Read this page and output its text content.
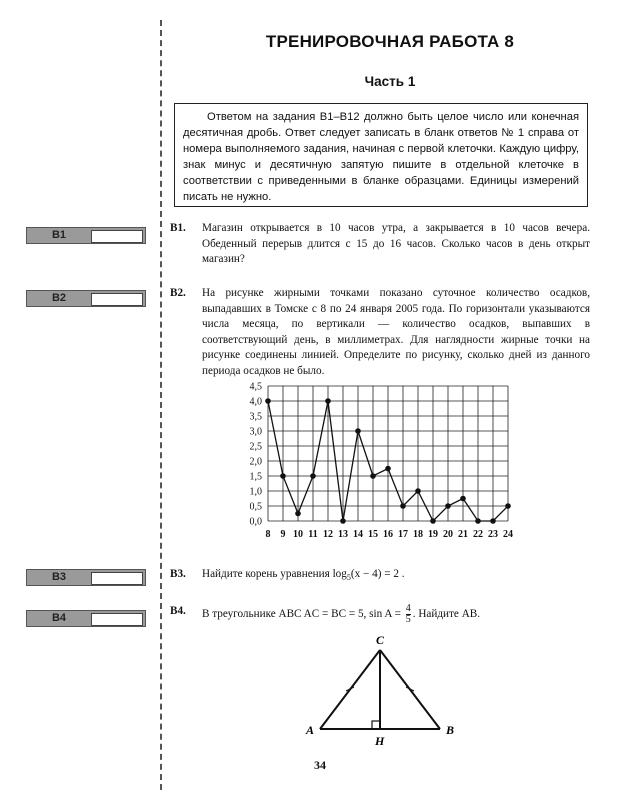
ТРЕНИРОВОЧНАЯ РАБОТА 8
Часть 1
Ответом на задания В1–В12 должно быть целое число или конечная десятичная дробь. Ответ следует записать в бланк ответов № 1 справа от номера выполняемого задания, начиная с первой клеточки. Каждую цифру, знак минус и десятичную запятую пишите в отдельной клеточке в соответствии с приведенными в бланке образцами. Единицы измерений писать не нужно.
B1
B2
B3
B4
B1. Магазин открывается в 10 часов утра, а закрывается в 10 часов вечера. Обеденный перерыв длится с 15 до 16 часов. Сколько часов в день открыт магазин?
B2. На рисунке жирными точками показано суточное количество осадков, выпадавших в Томске с 8 по 24 января 2005 года. По горизонтали указываются числа месяца, по вертикали — количество осадков, выпавших в соответствующий день, в миллиметрах. Для наглядности жирные точки на рисунке соединены линией. Определите по рисунку, сколько дней из данного периода осадков не было.
0,0
0,5
1,0
1,5
2,0
2,5
3,0
3,5
4,0
4,5
8 9 10 11 12 13 14 15 16 17 18 19 20 21 22 23 24
B3. Найдите корень уравнения $\log_5(x - 4) = 2$ .
B4. В треугольнике ABC AC = BC = 5, $\sin A = \frac{4}{5}$ . Найдите AB.
A	B
C
H
34
